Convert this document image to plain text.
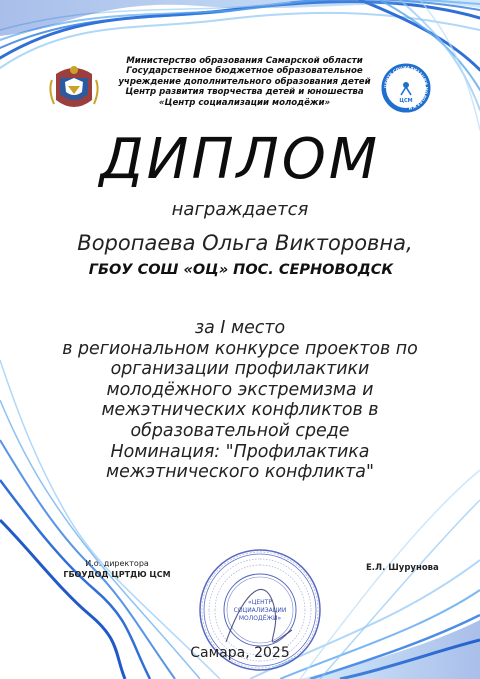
Министерство образования Самарской области
Государственное бюджетное образовательное
учреждение дополнительного образования детей
Центр развития творчества детей и юношества
«Центр социализации молодёжи»
ЦЕНТР СОЦИАЛИЗАЦИИ МОЛОДЕЖИ
ЦСМ
ДИПЛОМ
награждается
Воропаева Ольга Викторовна,
ГБОУ СОШ «ОЦ» ПОС. СЕРНОВОДСК
за I место
в региональном конкурсе проектов по
организации профилактики
молодёжного экстремизма и
межэтнических конфликтов в
образовательной среде
Номинация: "Профилактика
межэтнического конфликта"
И.о. директора
ГБОУДОД ЦРТДЮ ЦСМ
Е.Л. Шурунова
«ЦЕНТР
СОЦИАЛИЗАЦИИ
МОЛОДЁЖИ»
Самара, 2025
